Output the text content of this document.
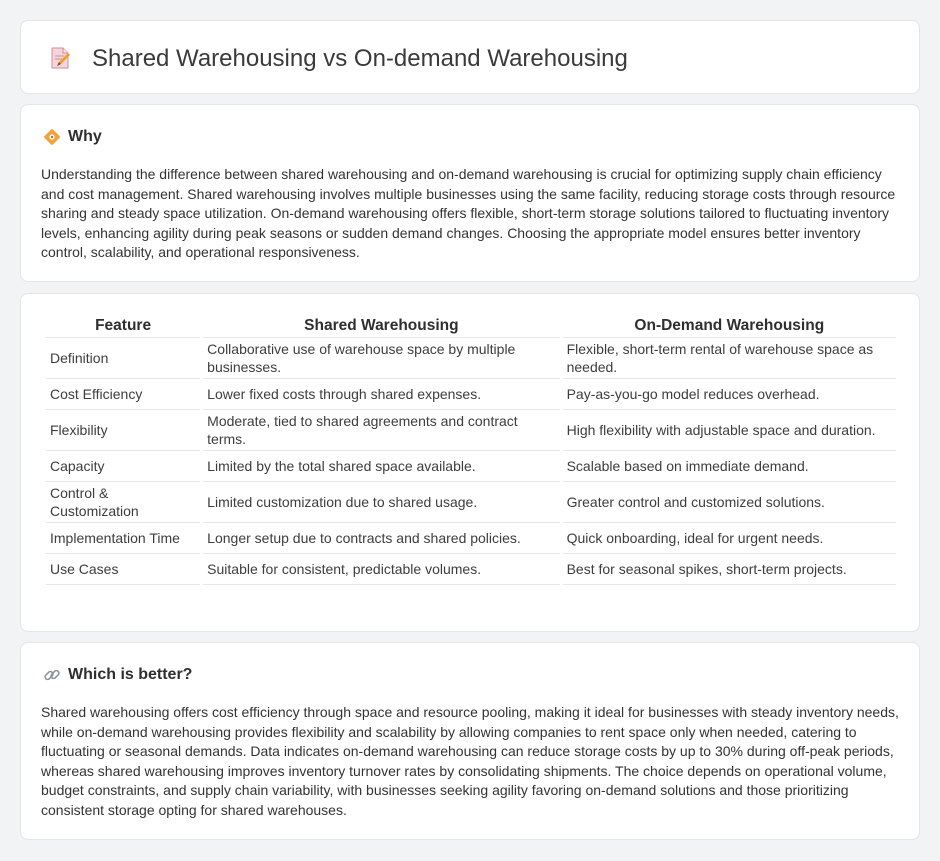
Shared Warehousing vs On-demand Warehousing
Why

Understanding the difference between shared warehousing and on-demand warehousing is crucial for optimizing supply chain efficiency and cost management. Shared warehousing involves multiple businesses using the same facility, reducing storage costs through resource sharing and steady space utilization. On-demand warehousing offers flexible, short-term storage solutions tailored to fluctuating inventory levels, enhancing agility during peak seasons or sudden demand changes. Choosing the appropriate model ensures better inventory control, scalability, and operational responsiveness.

Feature	Shared Warehousing	On-Demand Warehousing
Definition	Collaborative use of warehouse space by multiple businesses.	Flexible, short-term rental of warehouse space as needed.
Cost Efficiency	Lower fixed costs through shared expenses.	Pay-as-you-go model reduces overhead.
Flexibility	Moderate, tied to shared agreements and contract terms.	High flexibility with adjustable space and duration.
Capacity	Limited by the total shared space available.	Scalable based on immediate demand.
Control & Customization	Limited customization due to shared usage.	Greater control and customized solutions.
Implementation Time	Longer setup due to contracts and shared policies.	Quick onboarding, ideal for urgent needs.
Use Cases	Suitable for consistent, predictable volumes.	Best for seasonal spikes, short-term projects.
Which is better?

Shared warehousing offers cost efficiency through space and resource pooling, making it ideal for businesses with steady inventory needs, while on-demand warehousing provides flexibility and scalability by allowing companies to rent space only when needed, catering to fluctuating or seasonal demands. Data indicates on-demand warehousing can reduce storage costs by up to 30% during off-peak periods, whereas shared warehousing improves inventory turnover rates by consolidating shipments. The choice depends on operational volume, budget constraints, and supply chain variability, with businesses seeking agility favoring on-demand solutions and those prioritizing consistent storage opting for shared warehouses.
